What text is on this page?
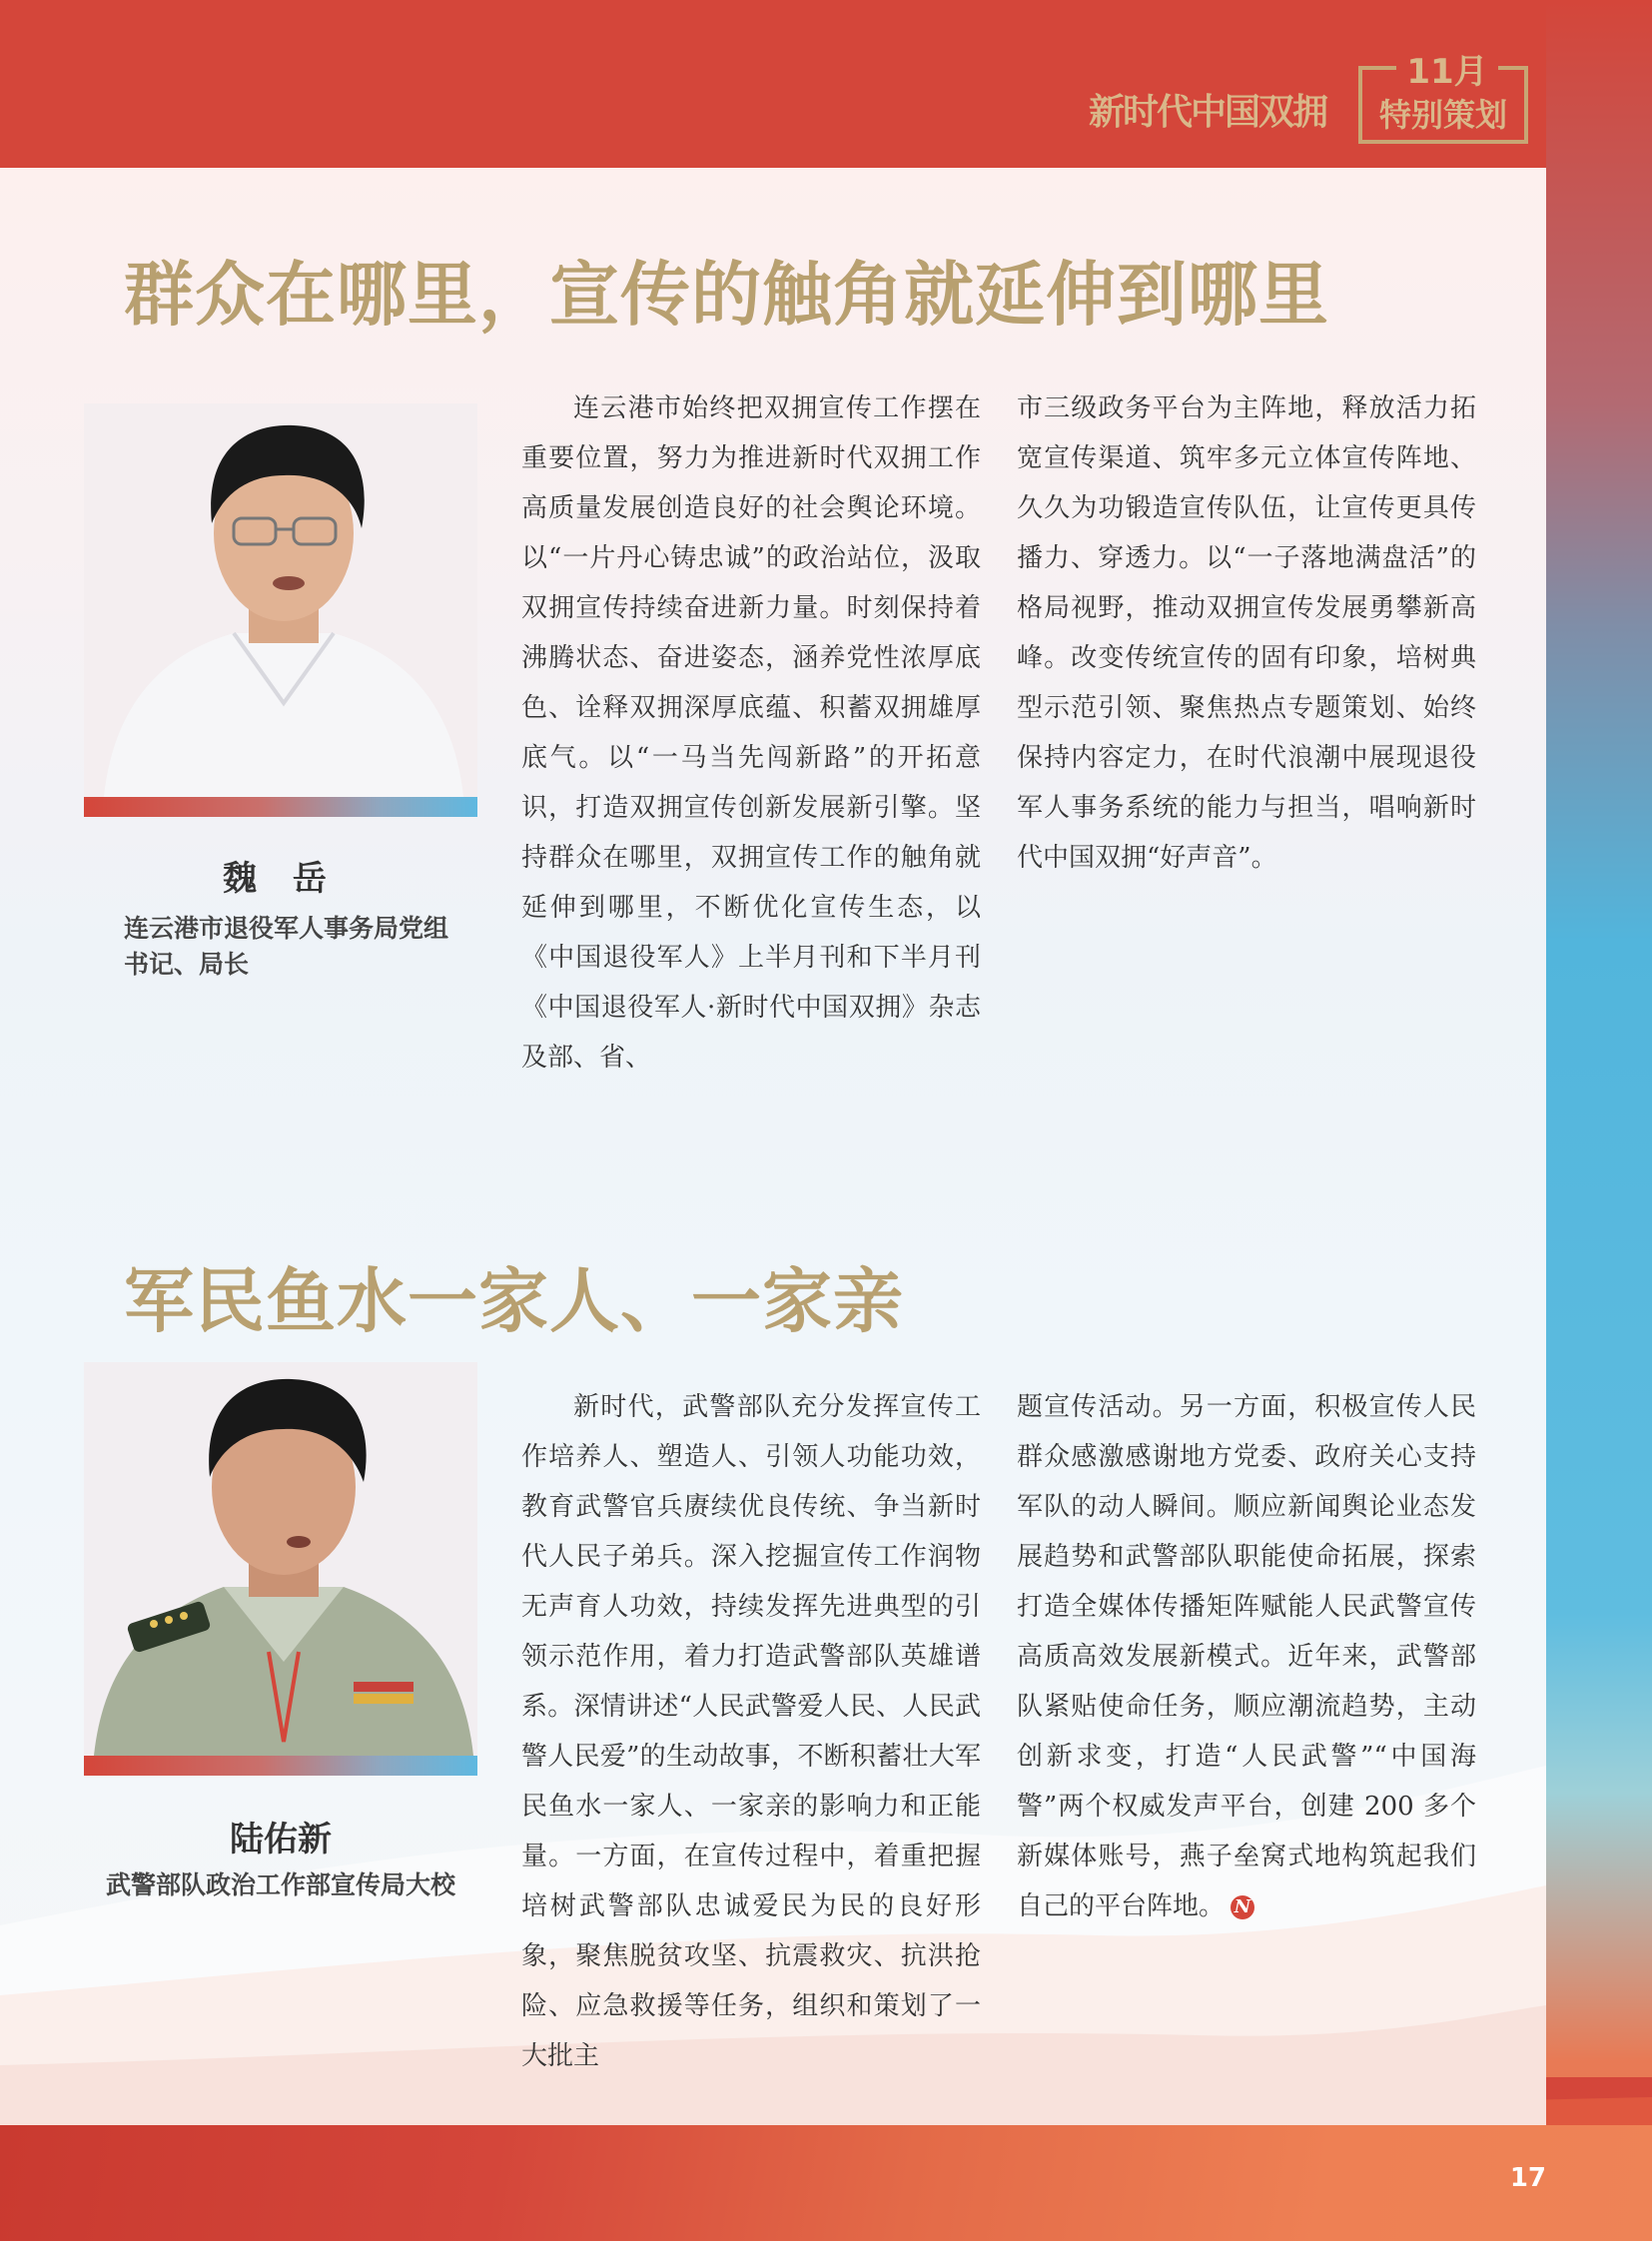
新时代中国双拥
11月
特别策划
群众在哪里，宣传的触角就延伸到哪里
魏 岳
连云港市退役军人事务局党组书记、局长
连云港市始终把双拥宣传工作摆在重要位置，努力为推进新时代双拥工作高质量发展创造良好的社会舆论环境。以“一片丹心铸忠诚”的政治站位，汲取双拥宣传持续奋进新力量。时刻保持着沸腾状态、奋进姿态，涵养党性浓厚底色、诠释双拥深厚底蕴、积蓄双拥雄厚底气。以“一马当先闯新路”的开拓意识，打造双拥宣传创新发展新引擎。坚持群众在哪里，双拥宣传工作的触角就延伸到哪里，不断优化宣传生态，以《中国退役军人》上半月刊和下半月刊《中国退役军人·新时代中国双拥》杂志及部、省、
市三级政务平台为主阵地，释放活力拓宽宣传渠道、筑牢多元立体宣传阵地、久久为功锻造宣传队伍，让宣传更具传播力、穿透力。以“一子落地满盘活”的格局视野，推动双拥宣传发展勇攀新高峰。改变传统宣传的固有印象，培树典型示范引领、聚焦热点专题策划、始终保持内容定力，在时代浪潮中展现退役军人事务系统的能力与担当，唱响新时代中国双拥“好声音”。
军民鱼水一家人、一家亲
陆佑新
武警部队政治工作部宣传局大校
新时代，武警部队充分发挥宣传工作培养人、塑造人、引领人功能功效，教育武警官兵赓续优良传统、争当新时代人民子弟兵。深入挖掘宣传工作润物无声育人功效，持续发挥先进典型的引领示范作用，着力打造武警部队英雄谱系。深情讲述“人民武警爱人民、人民武警人民爱”的生动故事，不断积蓄壮大军民鱼水一家人、一家亲的影响力和正能量。一方面，在宣传过程中，着重把握培树武警部队忠诚爱民为民的良好形象，聚焦脱贫攻坚、抗震救灾、抗洪抢险、应急救援等任务，组织和策划了一大批主
题宣传活动。另一方面，积极宣传人民群众感激感谢地方党委、政府关心支持军队的动人瞬间。顺应新闻舆论业态发展趋势和武警部队职能使命拓展，探索打造全媒体传播矩阵赋能人民武警宣传高质高效发展新模式。近年来，武警部队紧贴使命任务，顺应潮流趋势，主动创新求变，打造“人民武警”“中国海警”两个权威发声平台，创建 200 多个新媒体账号，燕子垒窝式地构筑起我们自己的平台阵地。 N
17
